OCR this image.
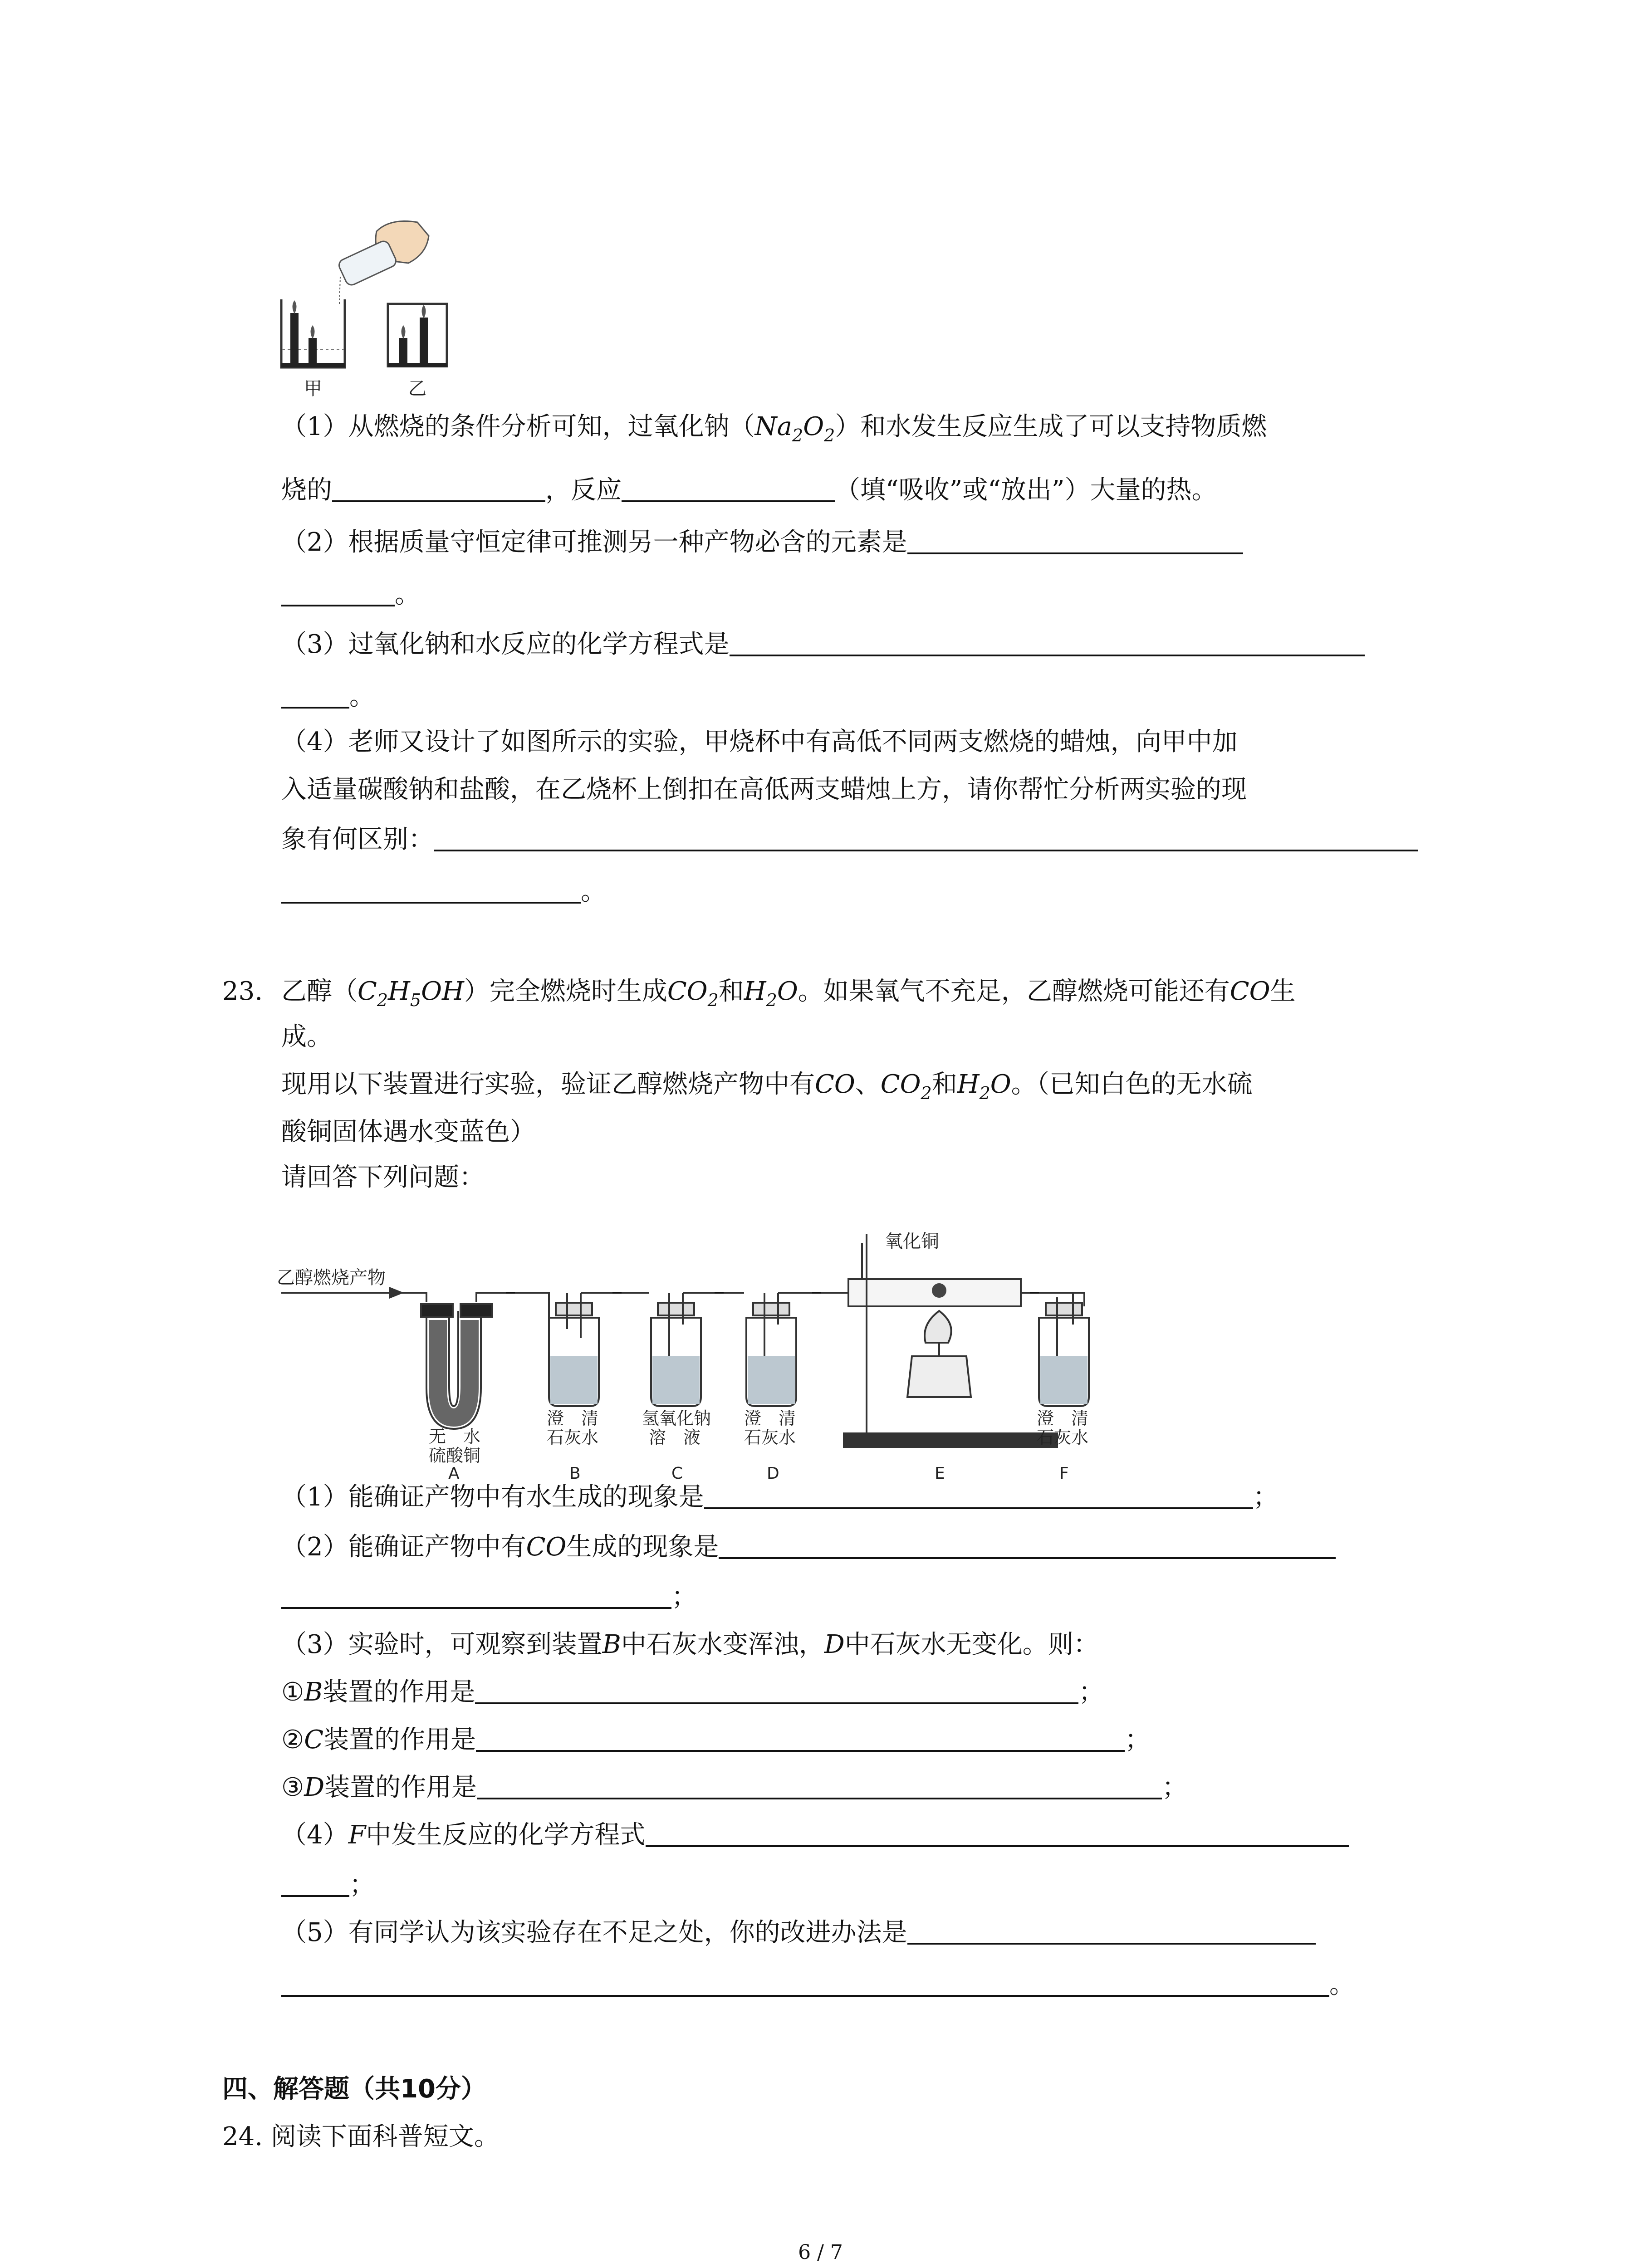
甲	乙
（1）从燃烧的条件分析可知，过氧化钠$(Na_2O_2)$和水发生反应生成了可以支持物质燃
烧的	，反应	（填“吸收”或“放出”）大量的热。
（2）根据质量守恒定律可推测另一种产物必含的元素是
。
（3）过氧化钠和水反应的化学方程式是
。
（4）老师又设计了如图所示的实验，甲烧杯中有高低不同两支燃烧的蜡烛，向甲中加
入适量碳酸钠和盐酸，在乙烧杯上倒扣在高低两支蜡烛上方，请你帮忙分析两实验的现
象有何区别：
。
23. 乙醇$(C_2H_5OH)$完全燃烧时生成$CO_2$和$H_2O$。如果氧气不充足，乙醇燃烧可能还有CO生
成。
现用以下装置进行实验，验证乙醇燃烧产物中有CO、$CO_2$和$H_2O$。（已知白色的无水硫
酸铜固体遇水变蓝色）
请回答下列问题：
乙醇燃烧产物
氧化铜
无　水
硫酸铜
澄　清
石灰水
氢氧化钠
溶　液
澄　清
石灰水
澄　清
石灰水
A	B	C	D	E	F
（1）能确证产物中有水生成的现象是	；
（2）能确证产物中有CO生成的现象是
；
（3）实验时，可观察到装置B中石灰水变浑浊，D中石灰水无变化。则：
①B装置的作用是	；
②C装置的作用是	；
③D装置的作用是	；
（4）F中发生反应的化学方程式
；
（5）有同学认为该实验存在不足之处，你的改进办法是
。
四、解答题（共10分）
24. 阅读下面科普短文。
6 / 7
